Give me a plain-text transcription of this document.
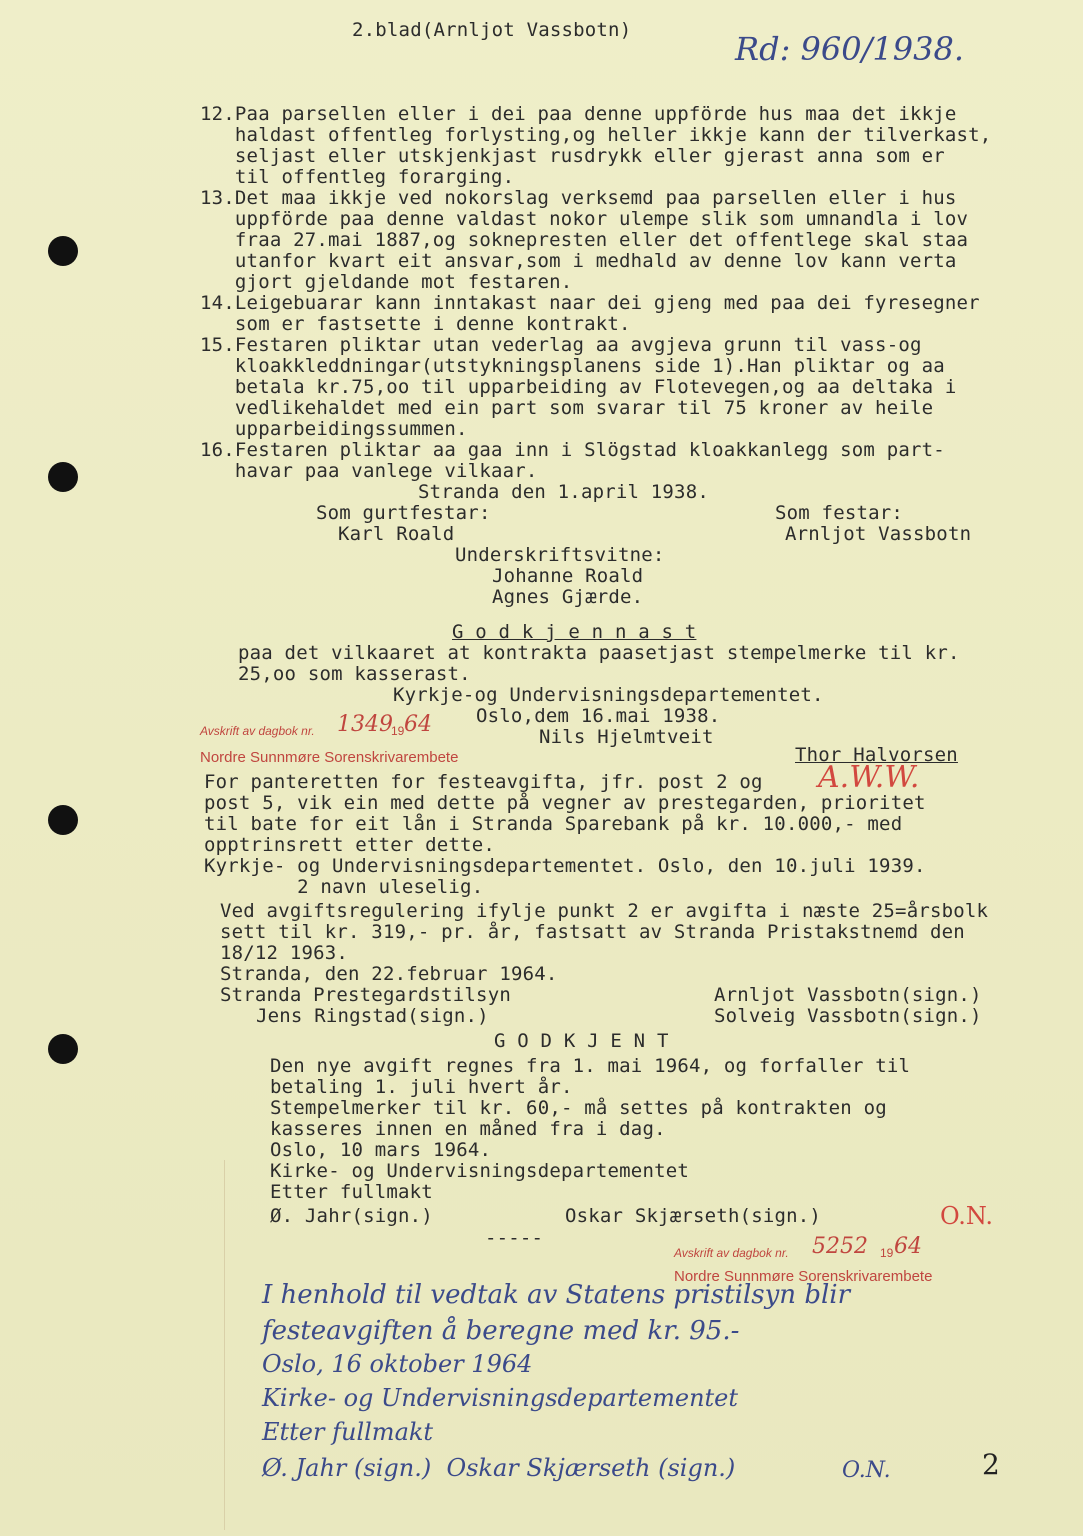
2.blad(Arnljot Vassbotn)	Rd: 960/1938.
12.Paa parsellen eller i dei paa denne uppförde hus maa det ikkje
haldast offentleg forlysting,og heller ikkje kann der tilverkast,
seljast eller utskjenkjast rusdrykk eller gjerast anna som er
til offentleg forarging.
13.Det maa ikkje ved nokorslag verksemd paa parsellen eller i hus
uppförde paa denne valdast nokor ulempe slik som umnandla i lov
fraa 27.mai 1887,og soknepresten eller det offentlege skal staa
utanfor kvart eit ansvar,som i medhald av denne lov kann verta
gjort gjeldande mot festaren.
14.Leigebuarar kann inntakast naar dei gjeng med paa dei fyresegner
som er fastsette i denne kontrakt.
15.Festaren pliktar utan vederlag aa avgjeva grunn til vass-og
kloakkleddningar(utstykningsplanens side 1).Han pliktar og aa
betala kr.75,oo til upparbeiding av Flotevegen,og aa deltaka i
vedlikehaldet med ein part som svarar til 75 kroner av heile
upparbeidingssummen.
16.Festaren pliktar aa gaa inn i Slögstad kloakkanlegg som part-
havar paa vanlege vilkaar.
Stranda den 1.april 1938.
Som gurtfestar:	Som festar:
Karl Roald	Arnljot Vassbotn
Underskriftsvitne:
Johanne Roald
Agnes Gjærde.
G o d k j e n n a s t
paa det vilkaaret at kontrakta paasetjast stempelmerke til kr.
25,oo som kasserast.
Kyrkje-og Undervisningsdepartementet.
Oslo,dem 16.mai 1938.
Nils Hjelmtveit
Thor Halvorsen
Avskrift av dagbok nr. 1349
19 64
Nordre Sunnmøre Sorenskrivarembete
A.W.W.
For panteretten for festeavgifta, jfr. post 2 og
post 5, vik ein med dette på vegner av prestegarden, prioritet
til bate for eit lån i Stranda Sparebank på kr. 10.000,- med
opptrinsrett etter dette.
Kyrkje- og Undervisningsdepartementet. Oslo, den 10.juli 1939.
2 navn uleselig.
Ved avgiftsregulering ifylje punkt 2 er avgifta i næste 25=årsbolk
sett til kr. 319,- pr. år, fastsatt av Stranda Pristakstnemd den
18/12 1963.
Stranda, den 22.februar 1964.
Stranda Prestegardstilsyn	Arnljot Vassbotn(sign.)
Jens Ringstad(sign.)	Solveig Vassbotn(sign.)
G O D K J E N T
Den nye avgift regnes fra 1. mai 1964, og forfaller til
betaling 1. juli hvert år.
Stempelmerker til kr. 60,- må settes på kontrakten og
kasseres innen en måned fra i dag.
Oslo, 10 mars 1964.
Kirke- og Undervisningsdepartementet
Etter fullmakt
Ø. Jahr(sign.)	Oskar Skjærseth(sign.)	O.N.
-----
Avskrift av dagbok nr. 5252 19 64
Nordre Sunnmøre Sorenskrivarembete
I henhold til vedtak av Statens pristilsyn blir
festeavgiften å beregne med kr. 95.-
Oslo, 16 oktober 1964
Kirke- og Undervisningsdepartementet
Etter fullmakt
Ø. Jahr (sign.)  Oskar Skjærseth (sign.)	O.N.	2
